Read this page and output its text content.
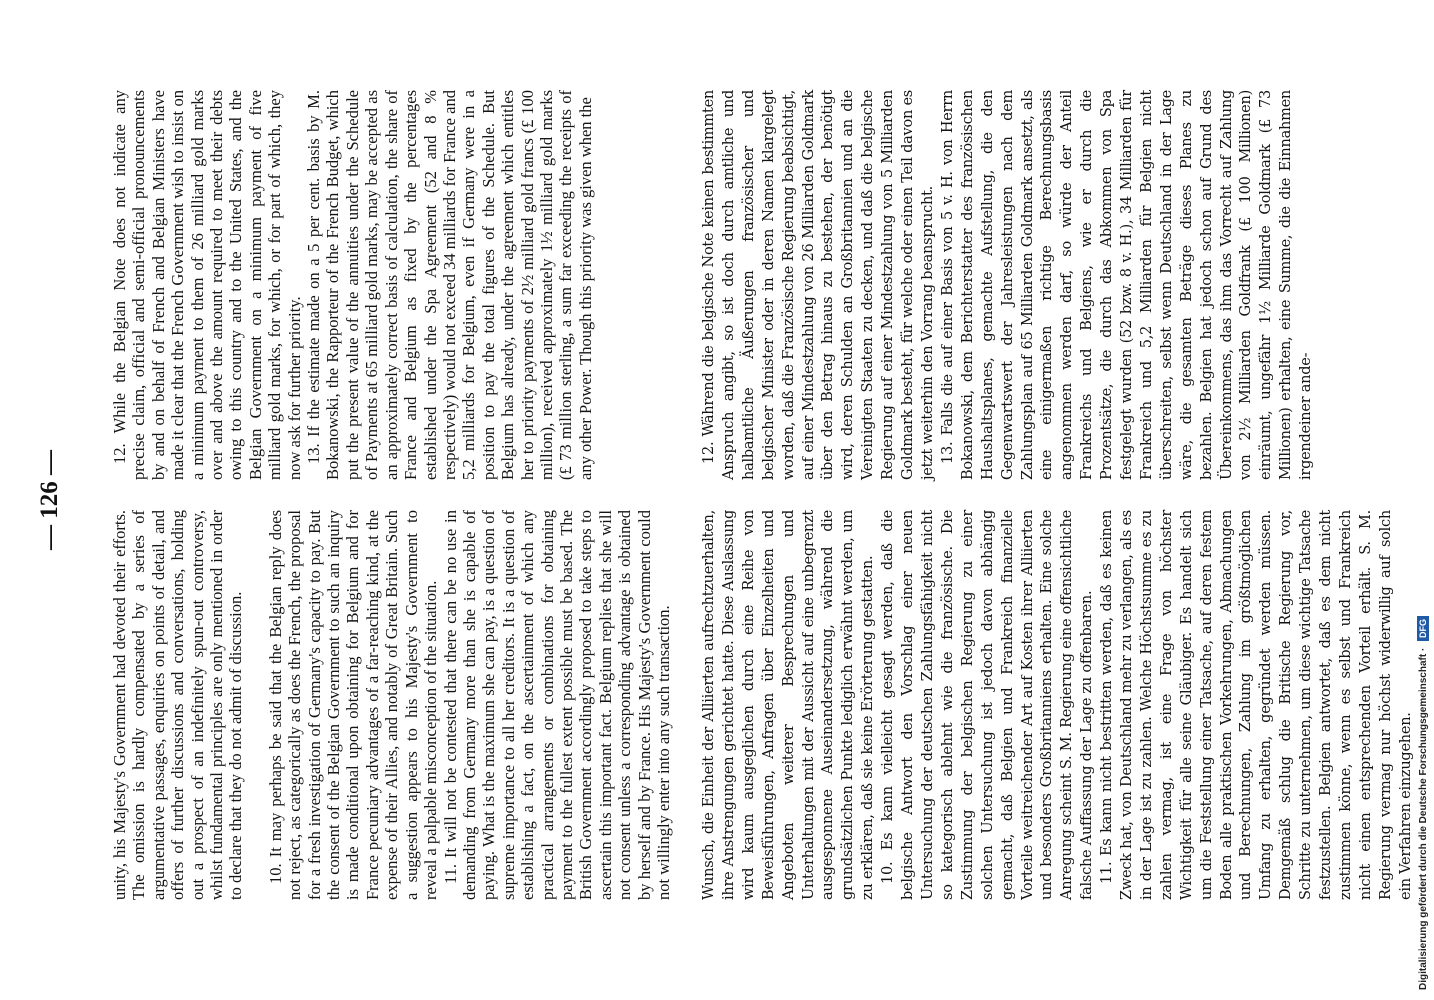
— 126 —

unity, his Majesty's Government had devoted their efforts. The omission is hardly compensated by a series of argumentative passages, enquiries on points of detail, and offers of further discussions and conversations, holding out a prospect of an indefinitely spun-out controversy, whilst fundamental principles are only mentioned in order to declare that they do not admit of discussion. 10. It may perhaps be said that the Belgian reply does not reject, as categorically as does the French, the proposal for a fresh investigation of Germany's capacity to pay. But the consent of the Belgian Government to such an inquiry is made conditional upon obtaining for Belgium and for France pecuniary advantages of a far-reaching kind, at the expense of their Allies, and notably of Great Britain. Such a suggestion appears to his Majesty's Government to reveal a palpable misconception of the situation. 11. It will not be contested that there can be no use in demanding from Germany more than she is capable of paying. What is the maximum she can pay, is a question of supreme importance to all her creditors. It is a question of establishing a fact, on the ascertainment of which any practical arrangements or combinations for obtaining payment to the fullest extent possible must be based. The British Government accordingly proposed to take steps to ascertain this important fact. Belgium replies that she will not consent unless a corresponding advantage is obtained by herself and by France. His Majesty's Government could not willingly enter into any such transaction.

12. While the Belgian Note does not indicate any precise claim, official and semi-official pronouncements by and on behalf of French and Belgian Ministers have made it clear that the French Government wish to insist on a minimum payment to them of 26 milliard gold marks over and above the amount required to meet their debts owing to this country and to the United States, and the Belgian Government on a minimum payment of five milliard gold marks, for which, or for part of which, they now ask for further priority. 13. If the estimate made on a 5 per cent. basis by M. Bokanowski, the Rapporteur of the French Budget, which put the present value of the annuities under the Schedule of Payments at 65 milliard gold marks, may be accepted as an approximately correct basis of calculation, the share of France and Belgium as fixed by the percentages established under the Spa Agreement (52 and 8 % respectively) would not exceed 34 milliards for France and 5,2 milliards for Belgium, even if Germany were in a position to pay the total figures of the Schedule. But Belgium has already, under the agreement which entitles her to priority payments of 2½ milliard gold francs (£ 100 million), received approximately 1½ milliard gold marks (£ 73 million sterling, a sum far exceeding the receipts of any other Power. Though this priority was given when the

Wunsch, die Einheit der Alliierten aufrechtzuerhalten, ihre Anstrengungen gerichtet hatte. Diese Auslassung wird kaum ausgeglichen durch eine Reihe von Beweisführungen, Anfragen über Einzelheiten und Angeboten weiterer Besprechungen und Unterhaltungen mit der Aussicht auf eine unbegrenzt ausgesponnene Auseinandersetzung, während die grundsätzlichen Punkte lediglich erwähnt werden, um zu erklären, daß sie keine Erörterung gestatten. 10. Es kann vielleicht gesagt werden, daß die belgische Antwort den Vorschlag einer neuen Untersuchung der deutschen Zahlungsfähigkeit nicht so kategorisch ablehnt wie die französische. Die Zustimmung der belgischen Regierung zu einer solchen Untersuchung ist jedoch davon abhängig gemacht, daß Belgien und Frankreich finanzielle Vorteile weitreichender Art auf Kosten ihrer Alliierten und besonders Großbritanniens erhalten. Eine solche Anregung scheint S. M. Regierung eine offensichtliche falsche Auffassung der Lage zu offenbaren. 11. Es kann nicht bestritten werden, daß es keinen Zweck hat, von Deutschland mehr zu verlangen, als es in der Lage ist zu zahlen. Welche Höchstsumme es zu zahlen vermag, ist eine Frage von höchster Wichtigkeit für alle seine Gläubiger. Es handelt sich um die Feststellung einer Tatsache, auf deren festem Boden alle praktischen Vorkehrungen, Abmachungen und Berechnungen, Zahlung im größtmöglichen Umfang zu erhalten, gegründet werden müssen. Demgemäß schlug die Britische Regierung vor, Schritte zu unternehmen, um diese wichtige Tatsache festzustellen. Belgien antwortet, daß es dem nicht zustimmen könne, wenn es selbst und Frankreich nicht einen entsprechenden Vorteil erhält. S. M. Regierung vermag nur höchst widerwillig auf solch ein Verfahren einzugehen.

12. Während die belgische Note keinen bestimmten Anspruch angibt, so ist doch durch amtliche und halbamtliche Äußerungen französischer und belgischer Minister oder in deren Namen klargelegt worden, daß die Französische Regierung beabsichtigt, auf einer Mindestzahlung von 26 Milliarden Goldmark über den Betrag hinaus zu bestehen, der benötigt wird, deren Schulden an Großbritannien und an die Vereinigten Staaten zu decken, und daß die belgische Regierung auf einer Mindestzahlung von 5 Milliarden Goldmark besteht, für welche oder einen Teil davon es jetzt weiterhin den Vorrang beansprucht. 13. Falls die auf einer Basis von 5 v. H. von Herrn Bokanowski, dem Berichterstatter des französischen Haushaltsplanes, gemachte Aufstellung, die den Gegenwartswert der Jahresleistungen nach dem Zahlungsplan auf 65 Milliarden Goldmark ansetzt, als eine einigermaßen richtige Berechnungsbasis angenommen werden darf, so würde der Anteil Frankreichs und Belgiens, wie er durch die Prozentsätze, die durch das Abkommen von Spa festgelegt wurden (52 bzw. 8 v. H.), 34 Milliarden für Frankreich und 5,2 Milliarden für Belgien nicht überschreiten, selbst wenn Deutschland in der Lage wäre, die gesamten Beträge dieses Planes zu bezahlen. Belgien hat jedoch schon auf Grund des Übereinkommens, das ihm das Vorrecht auf Zahlung von 2½ Milliarden Goldfrank (£ 100 Millionen) einräumt, ungefähr 1½ Milliarde Goldmark (£ 73 Millionen) erhalten, eine Summe, die die Einnahmen irgendeiner ande-

Digitalisierung gefördert durch die Deutsche Forschungsgemeinschaft
·
DFG
